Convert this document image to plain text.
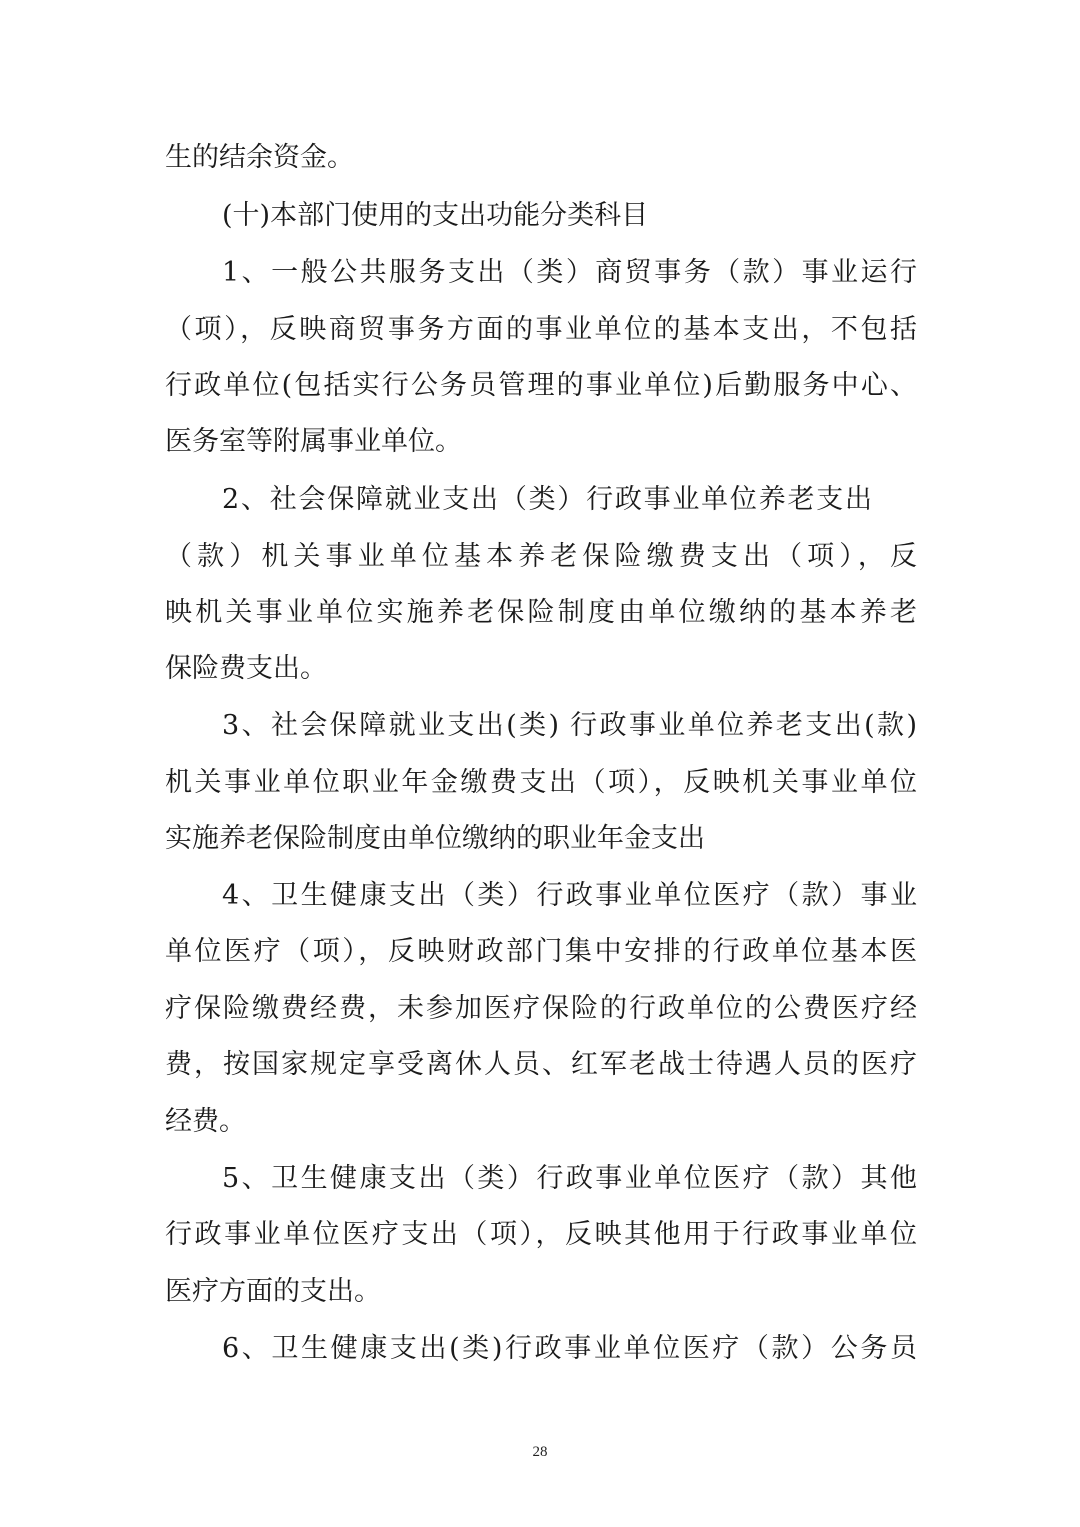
生的结余资金。

(十)本部门使用的支出功能分类科目

1、一般公共服务支出（类）商贸事务（款）事业运行

（项），反映商贸事务方面的事业单位的基本支出，不包括

行政单位(包括实行公务员管理的事业单位)后勤服务中心、

医务室等附属事业单位。

2、社会保障就业支出（类）行政事业单位养老支出

（款）机关事业单位基本养老保险缴费支出（项），反

映机关事业单位实施养老保险制度由单位缴纳的基本养老

保险费支出。

3、社会保障就业支出(类) 行政事业单位养老支出(款)

机关事业单位职业年金缴费支出（项），反映机关事业单位

实施养老保险制度由单位缴纳的职业年金支出

4、卫生健康支出（类）行政事业单位医疗（款）事业

单位医疗（项），反映财政部门集中安排的行政单位基本医

疗保险缴费经费，未参加医疗保险的行政单位的公费医疗经

费，按国家规定享受离休人员、红军老战士待遇人员的医疗

经费。

5、卫生健康支出（类）行政事业单位医疗（款）其他

行政事业单位医疗支出（项），反映其他用于行政事业单位

医疗方面的支出。

6、卫生健康支出(类)行政事业单位医疗（款）公务员

28
